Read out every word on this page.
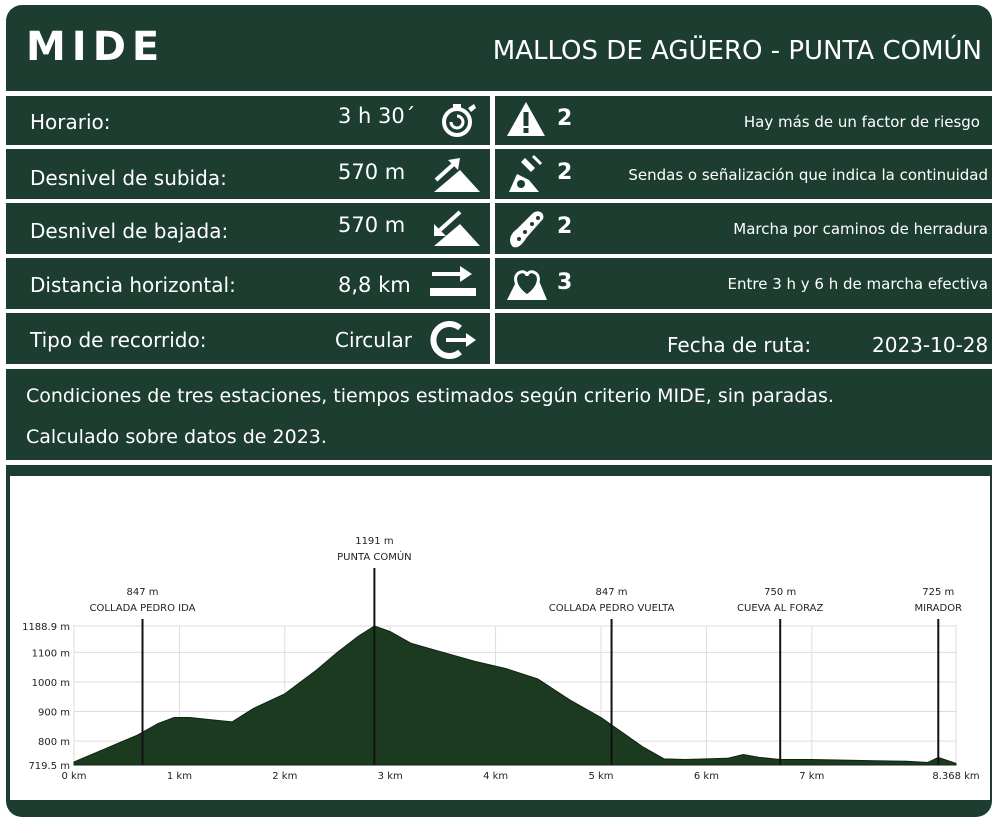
MIDE	MALLOS DE AGÜERO - PUNTA COMÚN
Horario:	3 h 30´
Desnivel de subida:	570 m
Desnivel de bajada:	570 m
Distancia horizontal:	8,8 km
Tipo de recorrido:	Circular
2	Hay más de un factor de riesgo
2	Sendas o señalización que indica la continuidad
2	Marcha por caminos de herradura
3	Entre 3 h y 6 h de marcha efectiva
Fecha de ruta:	2023-10-28
Condiciones de tres estaciones, tiempos estimados según criterio MIDE, sin paradas.
Calculado sobre datos de 2023.
719.5 m
800 m
900 m
1000 m
1100 m
1188.9 m
0 km	1 km	2 km	3 km	4 km	5 km	6 km	7 km	8.368 km
847 m
COLLADA PEDRO IDA
1191 m
PUNTA COMÚN
847 m
COLLADA PEDRO VUELTA
750 m
CUEVA AL FORAZ
725 m
MIRADOR
